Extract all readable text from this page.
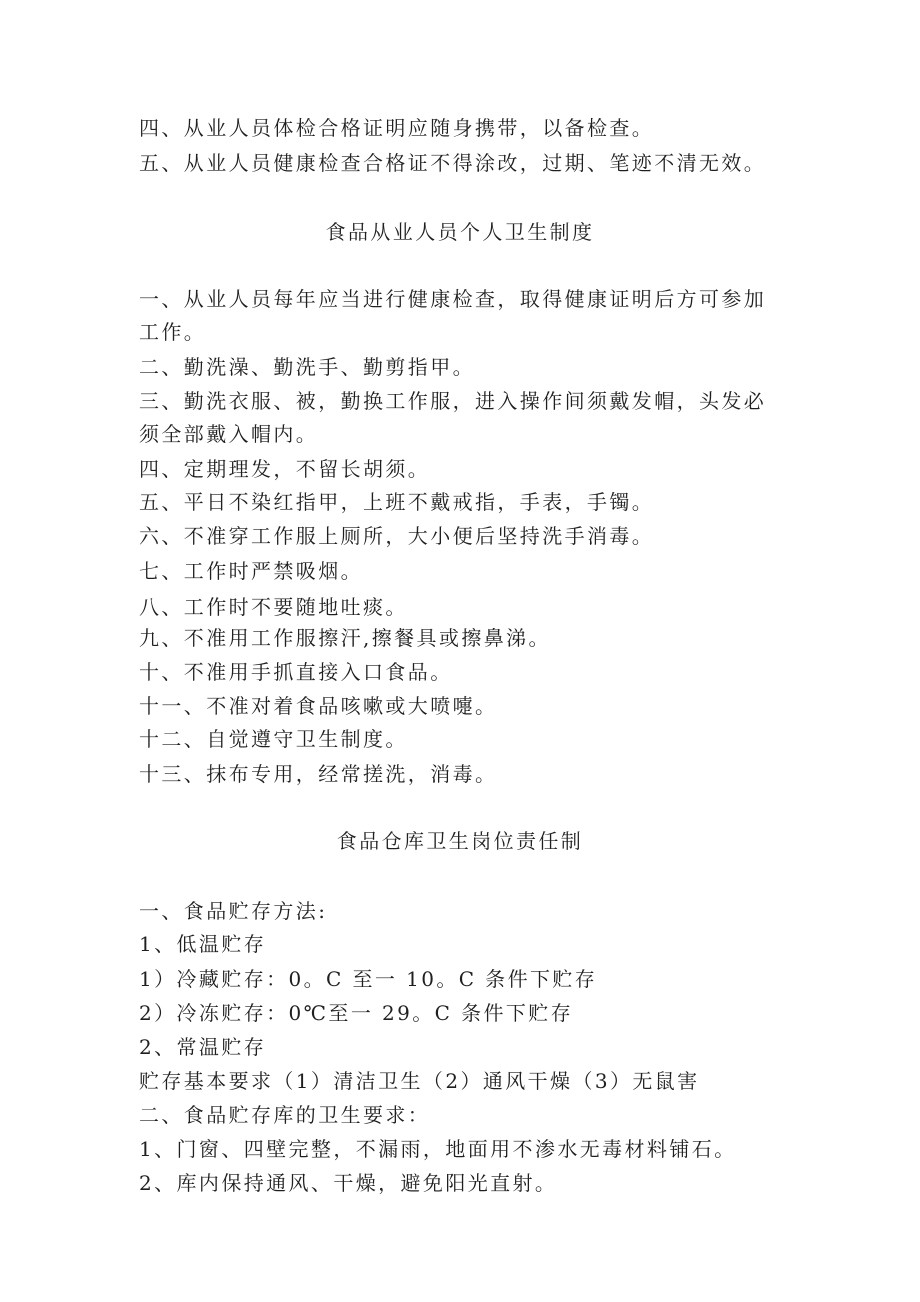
四、从业人员体检合格证明应随身携带，以备检查。
五、从业人员健康检查合格证不得涂改，过期、笔迹不清无效。
食品从业人员个人卫生制度
一、从业人员每年应当进行健康检查，取得健康证明后方可参加
工作。
二、勤洗澡、勤洗手、勤剪指甲。
三、勤洗衣服、被，勤换工作服，进入操作间须戴发帽，头发必
须全部戴入帽内。
四、定期理发，不留长胡须。
五、平日不染红指甲，上班不戴戒指，手表，手镯。
六、不准穿工作服上厕所，大小便后坚持洗手消毒。
七、工作时严禁吸烟。
八、工作时不要随地吐痰。
九、不准用工作服擦汗,擦餐具或擦鼻涕。
十、不准用手抓直接入口食品。
十一、不准对着食品咳嗽或大喷嚏。
十二、自觉遵守卫生制度。
十三、抹布专用，经常搓洗，消毒。
食品仓库卫生岗位责任制
一、食品贮存方法:
1、低温贮存
1）冷藏贮存：0。C 至一 10。C 条件下贮存
2）冷冻贮存：0℃至一 29。C 条件下贮存
2、常温贮存
贮存基本要求（1）清洁卫生（2）通风干燥（3）无鼠害
二、食品贮存库的卫生要求：
1、门窗、四壁完整，不漏雨，地面用不渗水无毒材料铺石。
2、库内保持通风、干燥，避免阳光直射。
